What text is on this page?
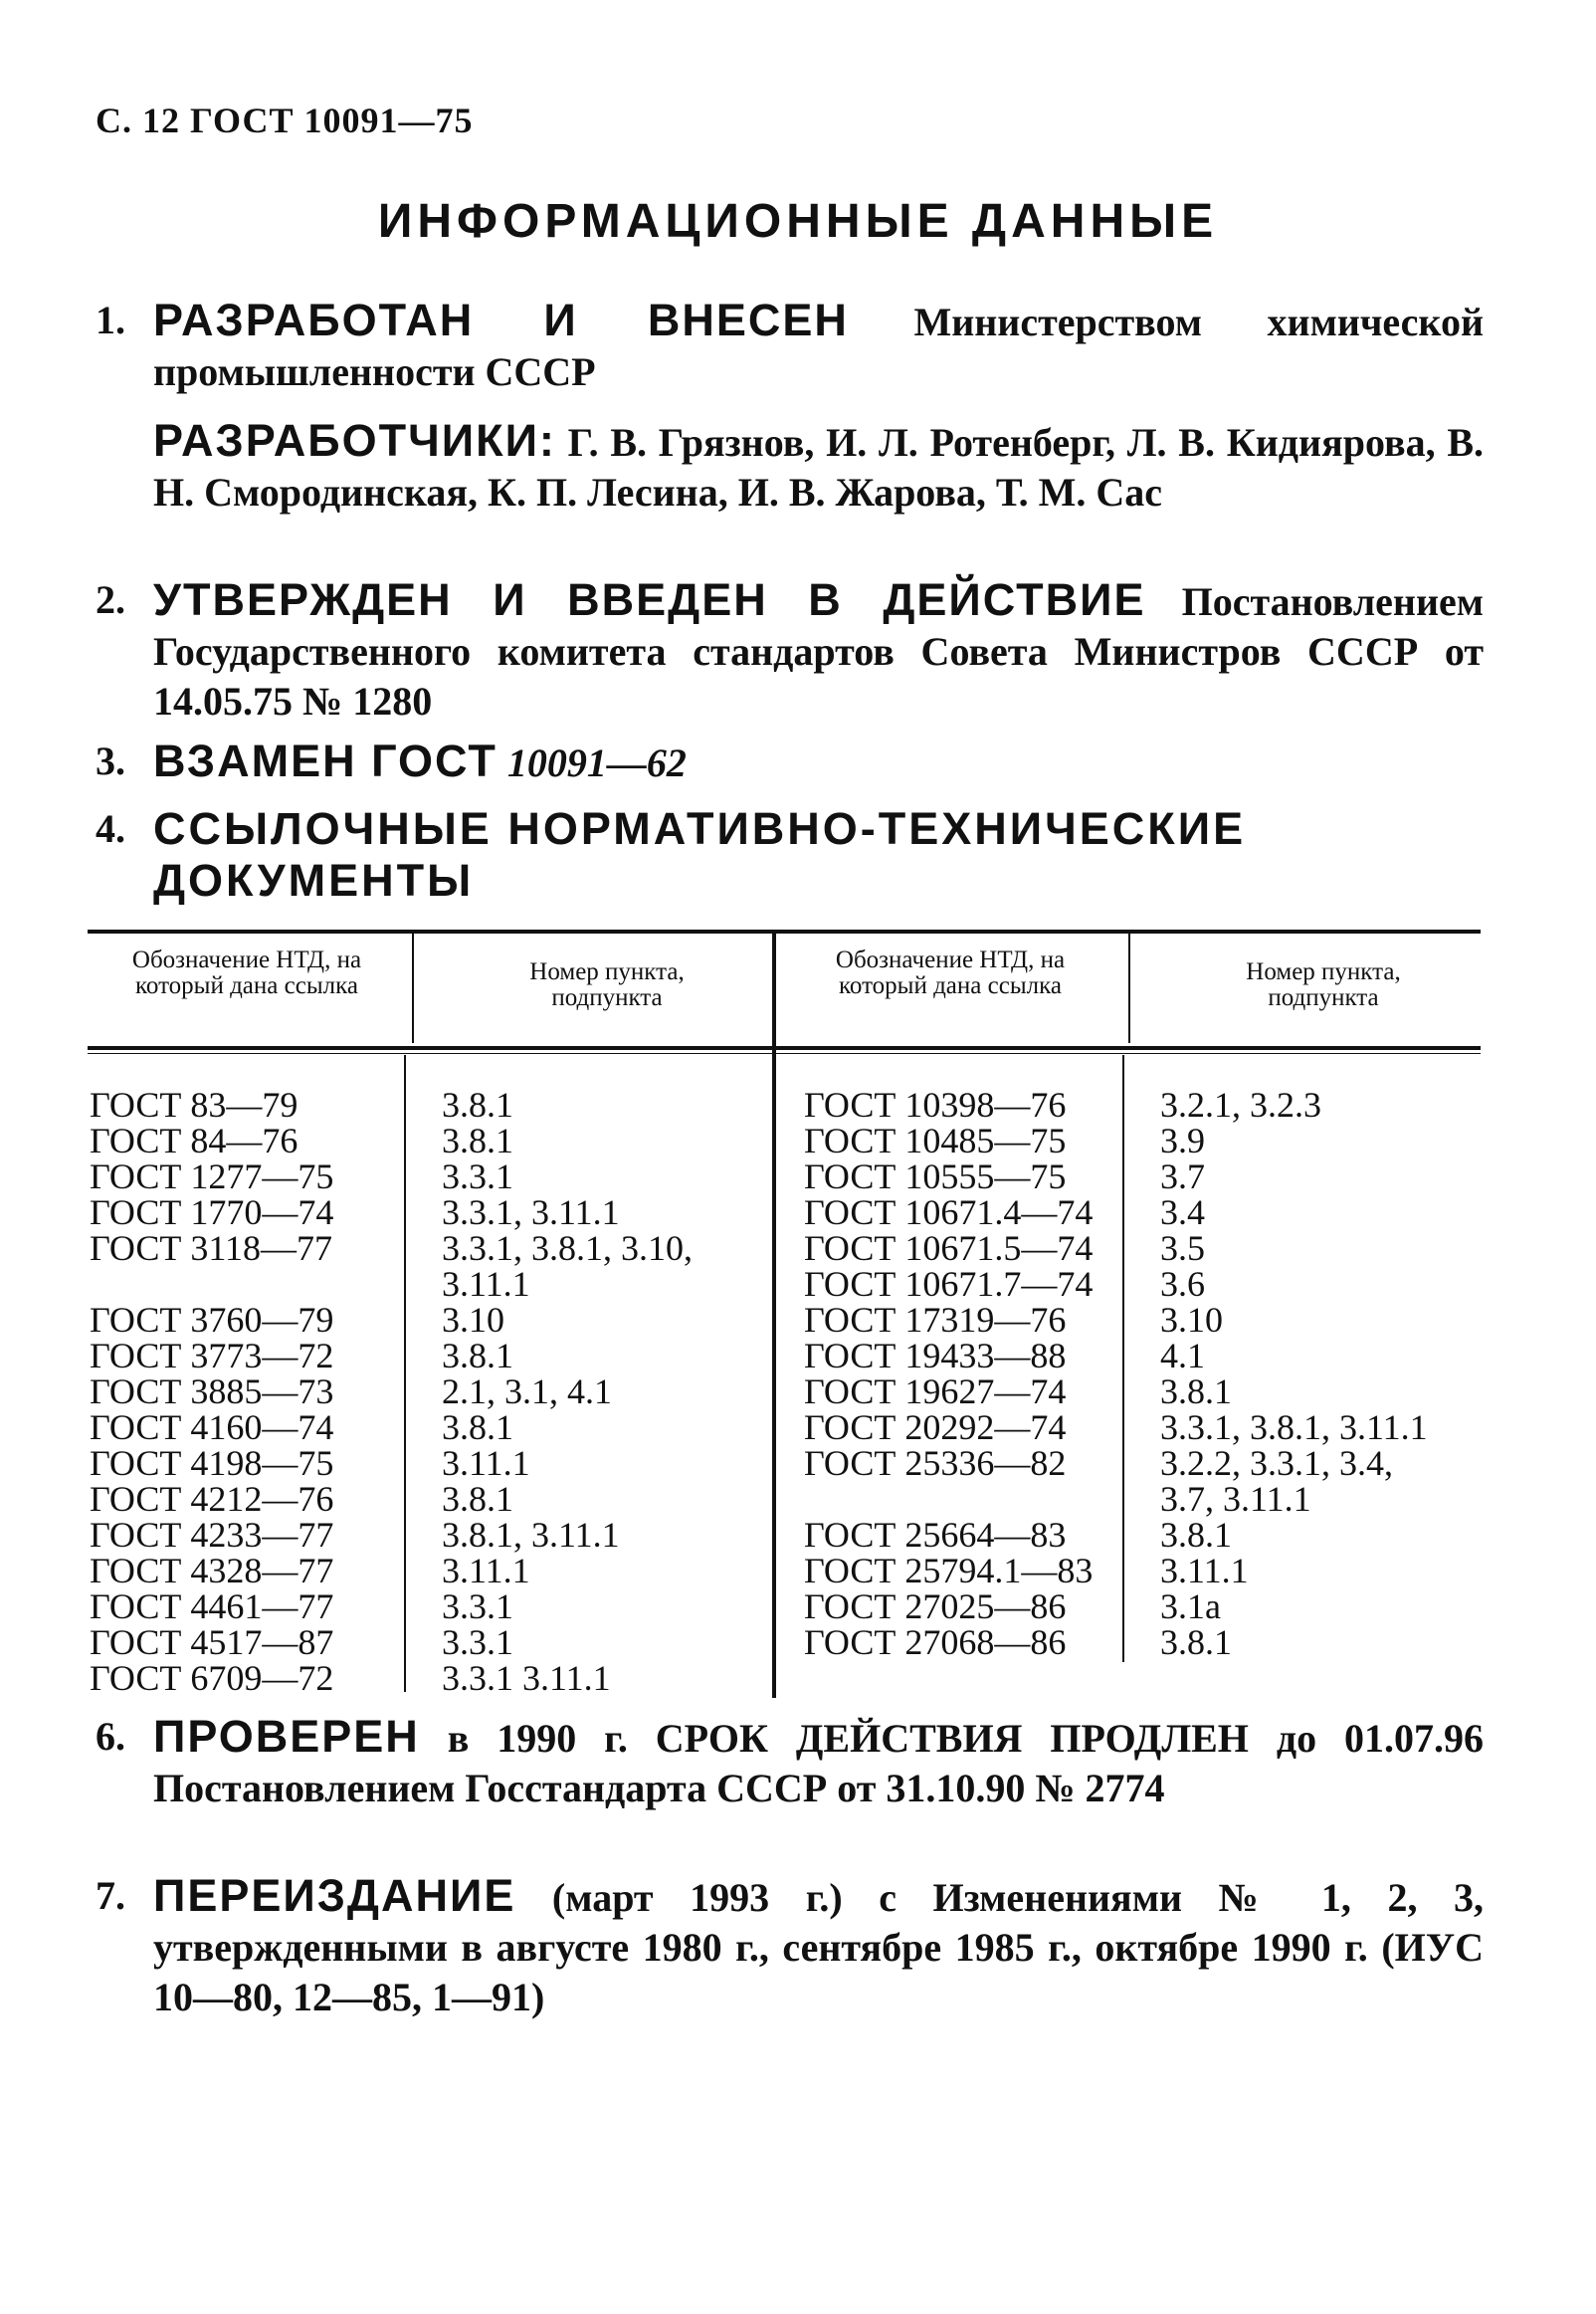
С. 12 ГОСТ 10091—75
ИНФОРМАЦИОННЫЕ ДАННЫЕ
1. РАЗРАБОТАН И ВНЕСЕН Министерством химической промышленности СССР
РАЗРАБОТЧИКИ: Г. В. Грязнов, И. Л. Ротенберг, Л. В. Кидиярова, В. Н. Смородинская, К. П. Лесина, И. В. Жарова, Т. М. Сас
2. УТВЕРЖДЕН И ВВЕДЕН В ДЕЙСТВИЕ Постановлением Государственного комитета стандартов Совета Министров СССР от 14.05.75 № 1280
3. ВЗАМЕН ГОСТ 10091—62
4. ССЫЛОЧНЫЕ НОРМАТИВНО-ТЕХНИЧЕСКИЕ ДОКУМЕНТЫ
Обозначение НТД, на который дана ссылка
Номер пункта, подпункта
Обозначение НТД, на который дана ссылка
Номер пункта, подпункта
ГОСТ 83—79
ГОСТ 84—76
ГОСТ 1277—75
ГОСТ 1770—74
ГОСТ 3118—77
ГОСТ 3760—79
ГОСТ 3773—72
ГОСТ 3885—73
ГОСТ 4160—74
ГОСТ 4198—75
ГОСТ 4212—76
ГОСТ 4233—77
ГОСТ 4328—77
ГОСТ 4461—77
ГОСТ 4517—87
ГОСТ 6709—72
3.8.1
3.8.1
3.3.1
3.3.1, 3.11.1
3.3.1, 3.8.1, 3.10,
3.11.1
3.10
3.8.1
2.1, 3.1, 4.1
3.8.1
3.11.1
3.8.1
3.8.1, 3.11.1
3.11.1
3.3.1
3.3.1
3.3.1 3.11.1
ГОСТ 10398—76
ГОСТ 10485—75
ГОСТ 10555—75
ГОСТ 10671.4—74
ГОСТ 10671.5—74
ГОСТ 10671.7—74
ГОСТ 17319—76
ГОСТ 19433—88
ГОСТ 19627—74
ГОСТ 20292—74
ГОСТ 25336—82
ГОСТ 25664—83
ГОСТ 25794.1—83
ГОСТ 27025—86
ГОСТ 27068—86
3.2.1, 3.2.3
3.9
3.7
3.4
3.5
3.6
3.10
4.1
3.8.1
3.3.1, 3.8.1, 3.11.1
3.2.2, 3.3.1, 3.4,
3.7, 3.11.1
3.8.1
3.11.1
3.1а
3.8.1
6. ПРОВЕРЕН в 1990 г. СРОК ДЕЙСТВИЯ ПРОДЛЕН до 01.07.96 Постановлением Госстандарта СССР от 31.10.90 № 2774
7. ПЕРЕИЗДАНИЕ (март 1993 г.) с Изменениями № 1, 2, 3, утвержденными в августе 1980 г., сентябре 1985 г., октябре 1990 г. (ИУС 10—80, 12—85, 1—91)
